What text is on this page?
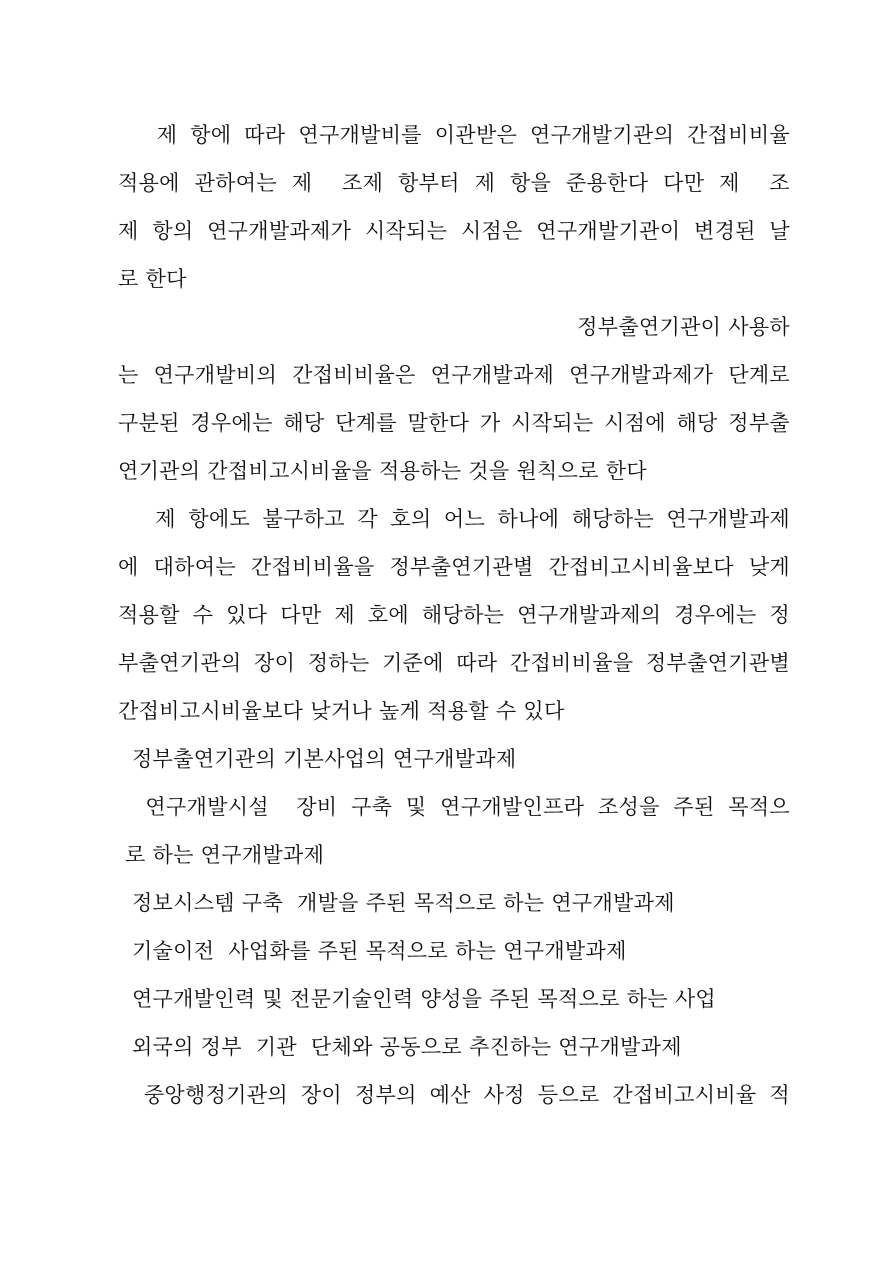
제 항에 따라 연구개발비를 이관받은 연구개발기관의 간접비비율
적용에 관하여는 제  조제 항부터 제 항을 준용한다 다만 제  조
제 항의 연구개발과제가 시작되는 시점은 연구개발기관이 변경된 날
로 한다
정부출연기관이 사용하
는 연구개발비의 간접비비율은 연구개발과제 연구개발과제가 단계로
구분된 경우에는 해당 단계를 말한다 가 시작되는 시점에 해당 정부출
연기관의 간접비고시비율을 적용하는 것을 원칙으로 한다
제 항에도 불구하고 각 호의 어느 하나에 해당하는 연구개발과제
에 대하여는 간접비비율을 정부출연기관별 간접비고시비율보다 낮게
적용할 수 있다 다만 제 호에 해당하는 연구개발과제의 경우에는 정
부출연기관의 장이 정하는 기준에 따라 간접비비율을 정부출연기관별
간접비고시비율보다 낮거나 높게 적용할 수 있다
정부출연기관의 기본사업의 연구개발과제
연구개발시설  장비 구축 및 연구개발인프라 조성을 주된 목적으
로 하는 연구개발과제
정보시스템 구축  개발을 주된 목적으로 하는 연구개발과제
기술이전  사업화를 주된 목적으로 하는 연구개발과제
연구개발인력 및 전문기술인력 양성을 주된 목적으로 하는 사업
외국의 정부  기관  단체와 공동으로 추진하는 연구개발과제
중앙행정기관의 장이 정부의 예산 사정 등으로 간접비고시비율 적
